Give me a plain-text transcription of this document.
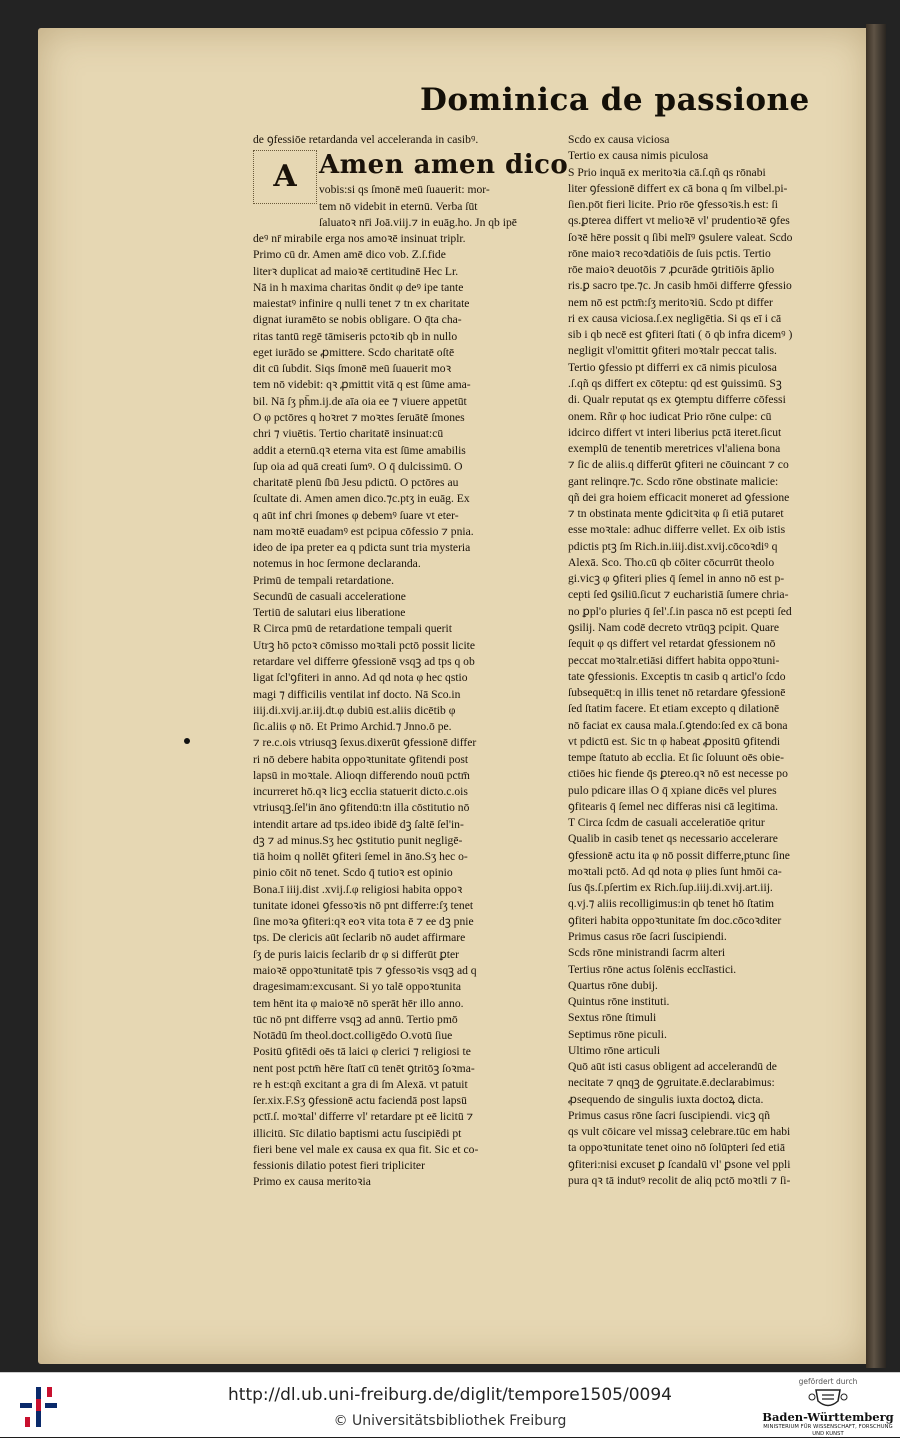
Dominica de passione
A
de ꝯfessiōe retardanda vel acceleranda in casibꝰ.
Amen amen dico
vobis:si qs ſmonē meū ſuauerit: mor-
tem nō videbit in eternū. Verba ſūt
ſaluatoꝛ nr̄i Joā.viij.⁊ in euāg.ho. Jn qb ipē
deꝰ nr̄ mirabile erga nos amoꝛē insinuat triplr.
Primo cū dr. Amen amē dico vob. Z.ſ.fide
literꝛ duplicat ad maioꝛē certitudinē Hec Lr.
Nā in h maxima charitas ōndit φ deꝰ ipe tante
maiestatꝰ infinire q nulli tenet ⁊ tn ex charitate
dignat iuramēto se nobis obligare. O q̄ta cha-
ritas tantū regē tāmiseris pctoꝛib qb in nullo
eget iurādo se ꝓmittere. Scdo charitatē oſtē
dit cū ſubdit. Siqs ſmonē meū ſuauerit moꝛ
tem nō videbit: qꝛ ꝓmittit vitā q est ſūme ama-
bil. Nā ſʒ ph̄m.ij.de aīa oia ee ⁊ viuere appetūt
O φ pctōres q hoꝛret ⁊ moꝛtes ſeruātē ſmones
chri ⁊ viuētis. Tertio charitatē insinuat:cū
addit a eternū.qꝛ eterna vita est ſūme amabilis
ſup oia ad quā creati ſumꝰ. O q̄ dulcissimū. O
charitatē plenū ſbū Jesu pdictū. O pctōres au
ſcultate di. Amen amen dico.⁊c.ptʒ in euāg. Ex
q aūt inf chri ſmones φ debemꝰ ſuare vt eter-
nam moꝛtē euadamꝰ est pcipua cōfessio ⁊ pnia.
ideo de ipa preter ea q pdicta sunt tria mysteria
notemus in hoc ſermone declaranda.
Primū de tempali retardatione.
Secundū de casuali acceleratione
Tertiū de salutari eius liberatione
R Circa pmū de retardatione tempali querit
Utrꝫ hō pctoꝛ cōmisso moꝛtali pctō possit licite
retardare vel differre ꝯfessionē vsqꝫ ad tps q ob
ligat ſcl'ꝯfiteri in anno. Ad qd nota φ hec qstio
magi ⁊ difficilis ventilat inf docto. Nā Sco.in
iiij.di.xvij.ar.iij.dt.φ dubiū est.aliis dicētib φ
ſic.aliis φ nō. Et Primo Archid.⁊ Jnno.ō pe.
⁊ re.c.ois vtriusqꝫ ſexus.dixerūt ꝯfessionē differ
ri nō debere habita oppoꝛtunitate ꝯfitendi post
lapsū in moꝛtale. Alioqn differendo nouū pctm̄
incurreret hō.qꝛ licꝫ ecclia statuerit dicto.c.ois
vtriusqꝫ.ſel'in āno ꝯfitendū:tn illa cōstitutio nō
intendit artare ad tps.ideo ibidē dꝫ ſaltē ſel'in-
dꝫ ⁊ ad minus.Sʒ hec ꝯstitutio punit negligē-
tiā hoim q nollēt ꝯfiteri ſemel in āno.Sʒ hec o-
pinio cōit nō tenet. Scdo q̄ tutioꝛ est opinio
Bona.ī iiij.dist .xvij.ſ.φ religiosi habita oppoꝛ
tunitate idonei ꝯfessoꝛis nō pnt differre:ſʒ tenet
ſine moꝛa ꝯfiteri:qꝛ eoꝛ vita tota ē ⁊ ee dꝫ pnie
tps. De clericis aūt ſeclarib nō audet affirmare
ſʒ de puris laicis ſeclarib dr φ si differūt ꝑter
maioꝛē oppoꝛtunitatē tpis ⁊ ꝯfessoꝛis vsqꝫ ad q
dragesimam:excusant. Si yo talē oppoꝛtunita
tem hēnt ita φ maioꝛē nō sperāt hēr illo anno.
tūc nō pnt differre vsqꝫ ad annū. Tertio pmō
Notādū ſm theol.doct.colligēdo O.votū ſiue
Positū ꝯfitēdi oēs tā laici φ clerici ⁊ religiosi te
nent post pctm̄ hēre ſtatī cū tenēt ꝯtritōꝫ ſoꝛma-
re h est:qñ excitant a gra di ſm Alexā. vt patuit
ſer.xix.F.Sʒ ꝯfessionē actu faciendā post lapsū
pctī.ſ. moꝛtal' differre vl' retardare pt eē licitū ⁊
illicitū. Sīc dilatio baptismi actu ſuscipiēdi pt
fieri bene vel male ex causa ex qua fit. Sic et co-
fessionis dilatio potest fieri tripliciter
Primo ex causa meritoꝛia
Scdo ex causa viciosa
Tertio ex causa nimis piculosa
S Prio inquā ex meritoꝛia cā.ſ.qñ qs rōnabi
liter ꝯfessionē differt ex cā bona q ſm vilbel.pi-
ſien.pōt fieri licite. Prio rōe ꝯfessoꝛis.h est: ſi
qs.ꝑterea differt vt melioꝛē vl' prudentioꝛē ꝯfes
ſoꝛē hēre possit q ſibi melīꝰ ꝯsulere valeat. Scdo
rōne maioꝛ recoꝛdatiōis de ſuis pctis. Tertio
rōe maioꝛ deuotōis ⁊ ꝓcurāde ꝯtritiōis āplio
ris.ꝑ sacro tpe.⁊c. Jn casib hmōi differre ꝯfessio
nem nō est pctm̄:ſʒ meritoꝛiū. Scdo pt differ
ri ex causa viciosa.ſ.ex negligētia. Si qs eī i cā
sib i qb necē est ꝯfiteri ſtati ( ō qb infra dicemꝰ )
negligit vl'omittit ꝯfiteri moꝛtalr peccat talis.
Tertio ꝯfessio pt differri ex cā nimis piculosa
.ſ.qñ qs differt ex cōteptu: qd est ꝯuissimū. Sꝫ
di. Qualr reputat qs ex ꝯtemptu differre cōfessi
onem. Rñr φ hoc iudicat Prio rōne culpe: cū
idcirco differt vt interi liberius pctā iteret.ſicut
exemplū de tenentib meretrices vl'aliena bona
⁊ ſic de aliis.q differūt ꝯfiteri ne cōuincant ⁊ co
gant relinqre.⁊c. Scdo rōne obstinate malicie:
qñ dei gra hoiem efficacit moneret ad ꝯfessione
⁊ tn obstinata mente ꝯdicitꝛita φ ſi etiā putaret
esse moꝛtale: adhuc differre vellet. Ex oib istis
pdictis ptꝫ ſm Rich.in.iiij.dist.xvij.cōcoꝛdiꝰ q
Alexā. Sco. Tho.cū qb cōiter cōcurrūt theolo
gi.vicꝫ φ ꝯfiteri plies q̄ ſemel in anno nō est p-
cepti ſed ꝯsiliū.ſicut ⁊ eucharistiā ſumere chria-
no ꝑpl'o pluries q̄ ſel'.ſ.in pasca nō est pcepti ſed
ꝯsilij. Nam codē decreto vtrūqꝫ pcipit. Quare
ſequit φ qs differt vel retardat ꝯfessionem nō
peccat moꝛtalr.etiāsi differt habita oppoꝛtuni-
tate ꝯfessionis. Exceptis tn casib q articl'o ſcdo
ſubsequēt:q in illis tenet nō retardare ꝯfessionē
ſed ſtatim facere. Et etiam excepto q dilationē
nō faciat ex causa mala.ſ.ꝯtendo:ſed ex cā bona
vt pdictū est. Sic tn φ habeat ꝓpositū ꝯfitendi
tempe ſtatuto ab ecclia. Et ſic ſoluunt oēs obie-
ctiōes hic fiende q̄s ꝑtereo.qꝛ nō est necesse po
pulo pdicare illas O q̄ xpiane dicēs vel plures
ꝯfitearis q̄ ſemel nec differas nisi cā legitima.
T Circa ſcdm de casuali acceleratiōe qritur
Qualib in casib tenet qs necessario accelerare
ꝯfessionē actu ita φ nō possit differre,ptunc ſine
moꝛtali pctō. Ad qd nota φ plies ſunt hmōi ca-
ſus q̄s.ſ.pſertim ex Rich.ſup.iiij.di.xvij.art.iij.
q.vj.⁊ aliis recolligimus:in qb tenet hō ſtatim
ꝯfiteri habita oppoꝛtunitate ſm doc.cōcoꝛditer
Primus casus rōe ſacri ſuscipiendi.
Scds rōne ministrandi ſacrm alteri
Tertius rōne actus ſolēnis ecclīastici.
Quartus rōne dubij.
Quintus rōne instituti.
Sextus rōne ſtimuli
Septimus rōne piculi.
Ultimo rōne articuli
Quō aūt isti casus obligent ad accelerandū de
necitate ⁊ qnqꝫ de ꝯgruitate.ē.declarabimus:
ꝓsequendo de singulis iuxta doctoꝝ dicta.
Primus casus rōne ſacri ſuscipiendi. vicꝫ qñ
qs vult cōicare vel missaꝫ celebrare.tūc em habi
ta oppoꝛtunitate tenet oino nō ſolūpteri ſed etiā
ꝯfiteri:nisi excuset ꝑ ſcandalū vl' ꝑsone vel ppli
pura qꝛ tā indutꝰ recolit de aliq pctō moꝛtli ⁊ ſi-
http://dl.ub.uni-freiburg.de/diglit/tempore1505/0094
© Universitätsbibliothek Freiburg
gefördert durch
Baden-Württemberg
MINISTERIUM FÜR WISSENSCHAFT, FORSCHUNG UND KUNST
